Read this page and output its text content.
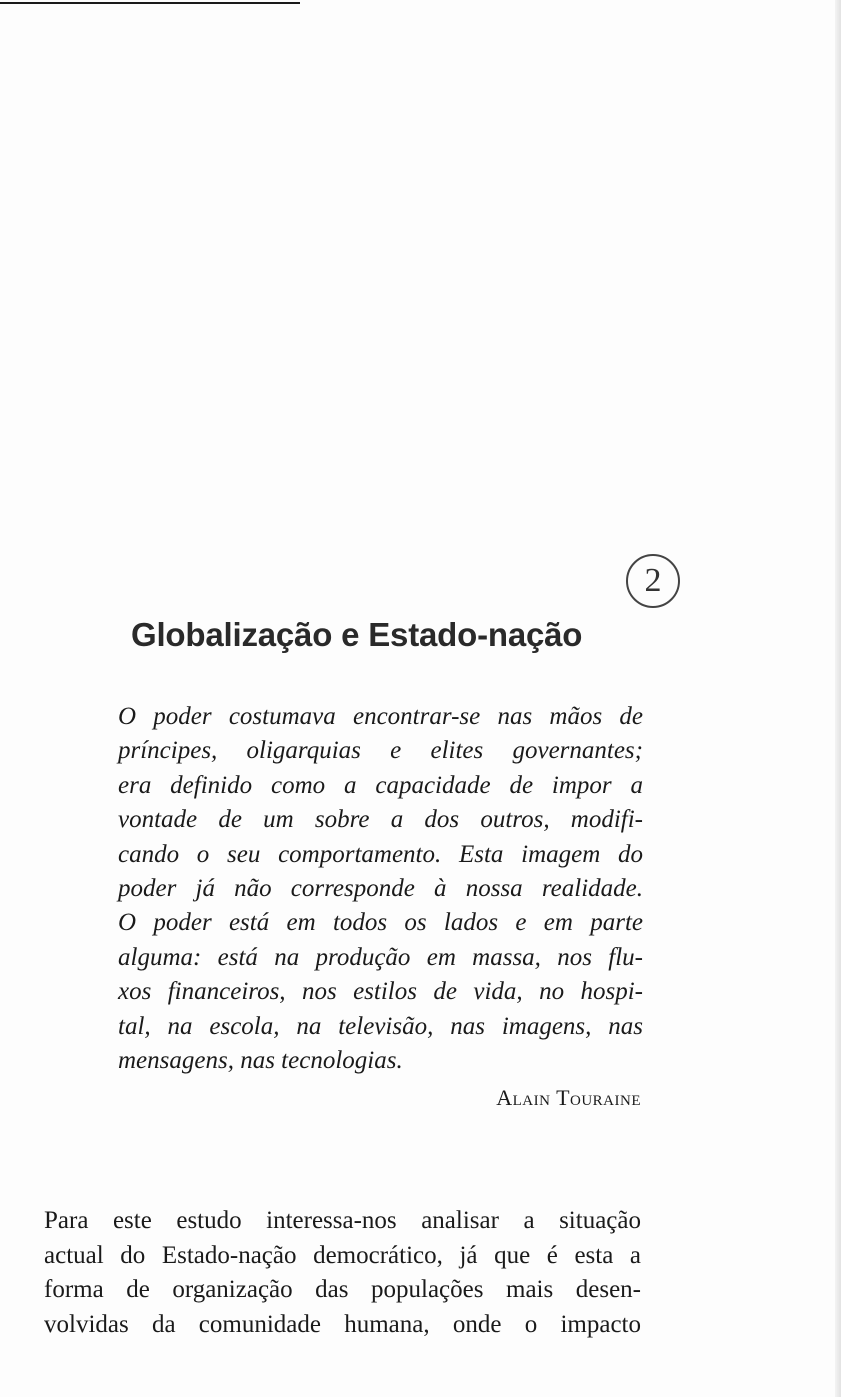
2
Globalização e Estado-nação
O poder costumava encontrar-se nas mãos de
príncipes, oligarquias e elites governantes;
era definido como a capacidade de impor a
vontade de um sobre a dos outros, modifi-
cando o seu comportamento. Esta imagem do
poder já não corresponde à nossa realidade.
O poder está em todos os lados e em parte
alguma: está na produção em massa, nos flu-
xos financeiros, nos estilos de vida, no hospi-
tal, na escola, na televisão, nas imagens, nas
mensagens, nas tecnologias.

Alain Touraine

Para este estudo interessa-nos analisar a situação
actual do Estado-nação democrático, já que é esta a
forma de organização das populações mais desen-
volvidas da comunidade humana, onde o impacto
